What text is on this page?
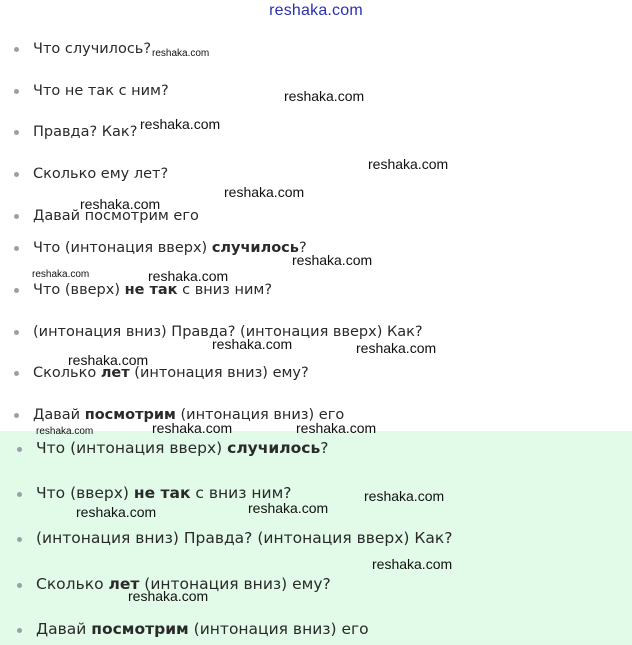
reshaka.com
Что случилось?
Что не так с ним?
Правда? Как?
Сколько ему лет?
Давай посмотрим его
Что (интонация вверх) случилось?
Что (вверх) не так с вниз ним?
(интонация вниз) Правда? (интонация вверх) Как?
Сколько лет (интонация вниз) ему?
Давай посмотрим (интонация вниз) его
Что (интонация вверх) случилось?
Что (вверх) не так с вниз ним?
(интонация вниз) Правда? (интонация вверх) Как?
Сколько лет (интонация вниз) ему?
Давай посмотрим (интонация вниз) его
reshaka.com
reshaka.com
reshaka.com
reshaka.com
reshaka.com
reshaka.com
reshaka.com
reshaka.com	reshaka.com
reshaka.com	reshaka.com
reshaka.com
reshaka.com	reshaka.com	reshaka.com
reshaka.com
reshaka.com
reshaka.com
reshaka.com
reshaka.com
